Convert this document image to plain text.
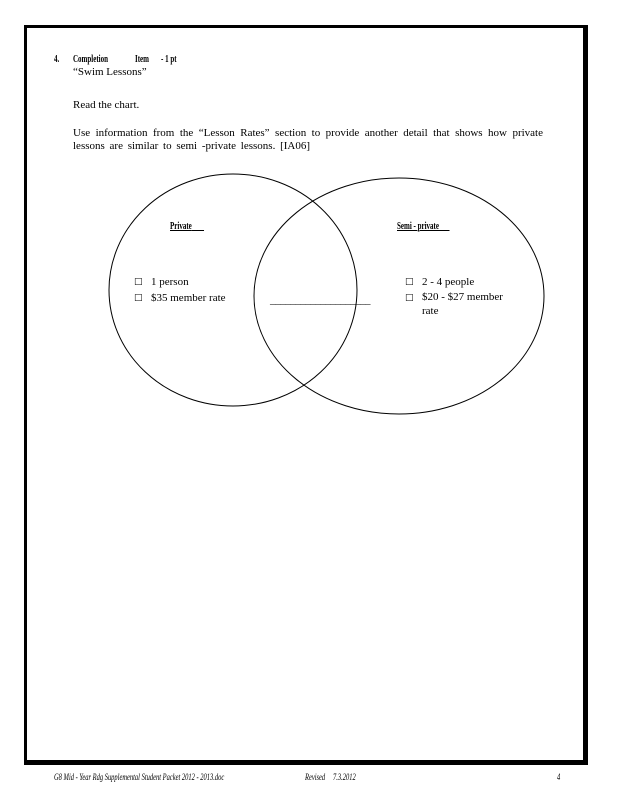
4. Completion	Item - 1 pt
“Swim Lessons”
Read the chart.
Use information from the “Lesson Rates” section to provide another detail that shows how private lessons are similar to semi -private lessons. [IA06]
Private	Semi - private
□ 1 person
□ $35 member rate	____________________
□ 2 - 4 people
□ $20 - $27 member
rate
G8 Mid - Year Rdg Supplemental Student Packet 2012 - 2013.doc	Revised 7.3.2012	4
